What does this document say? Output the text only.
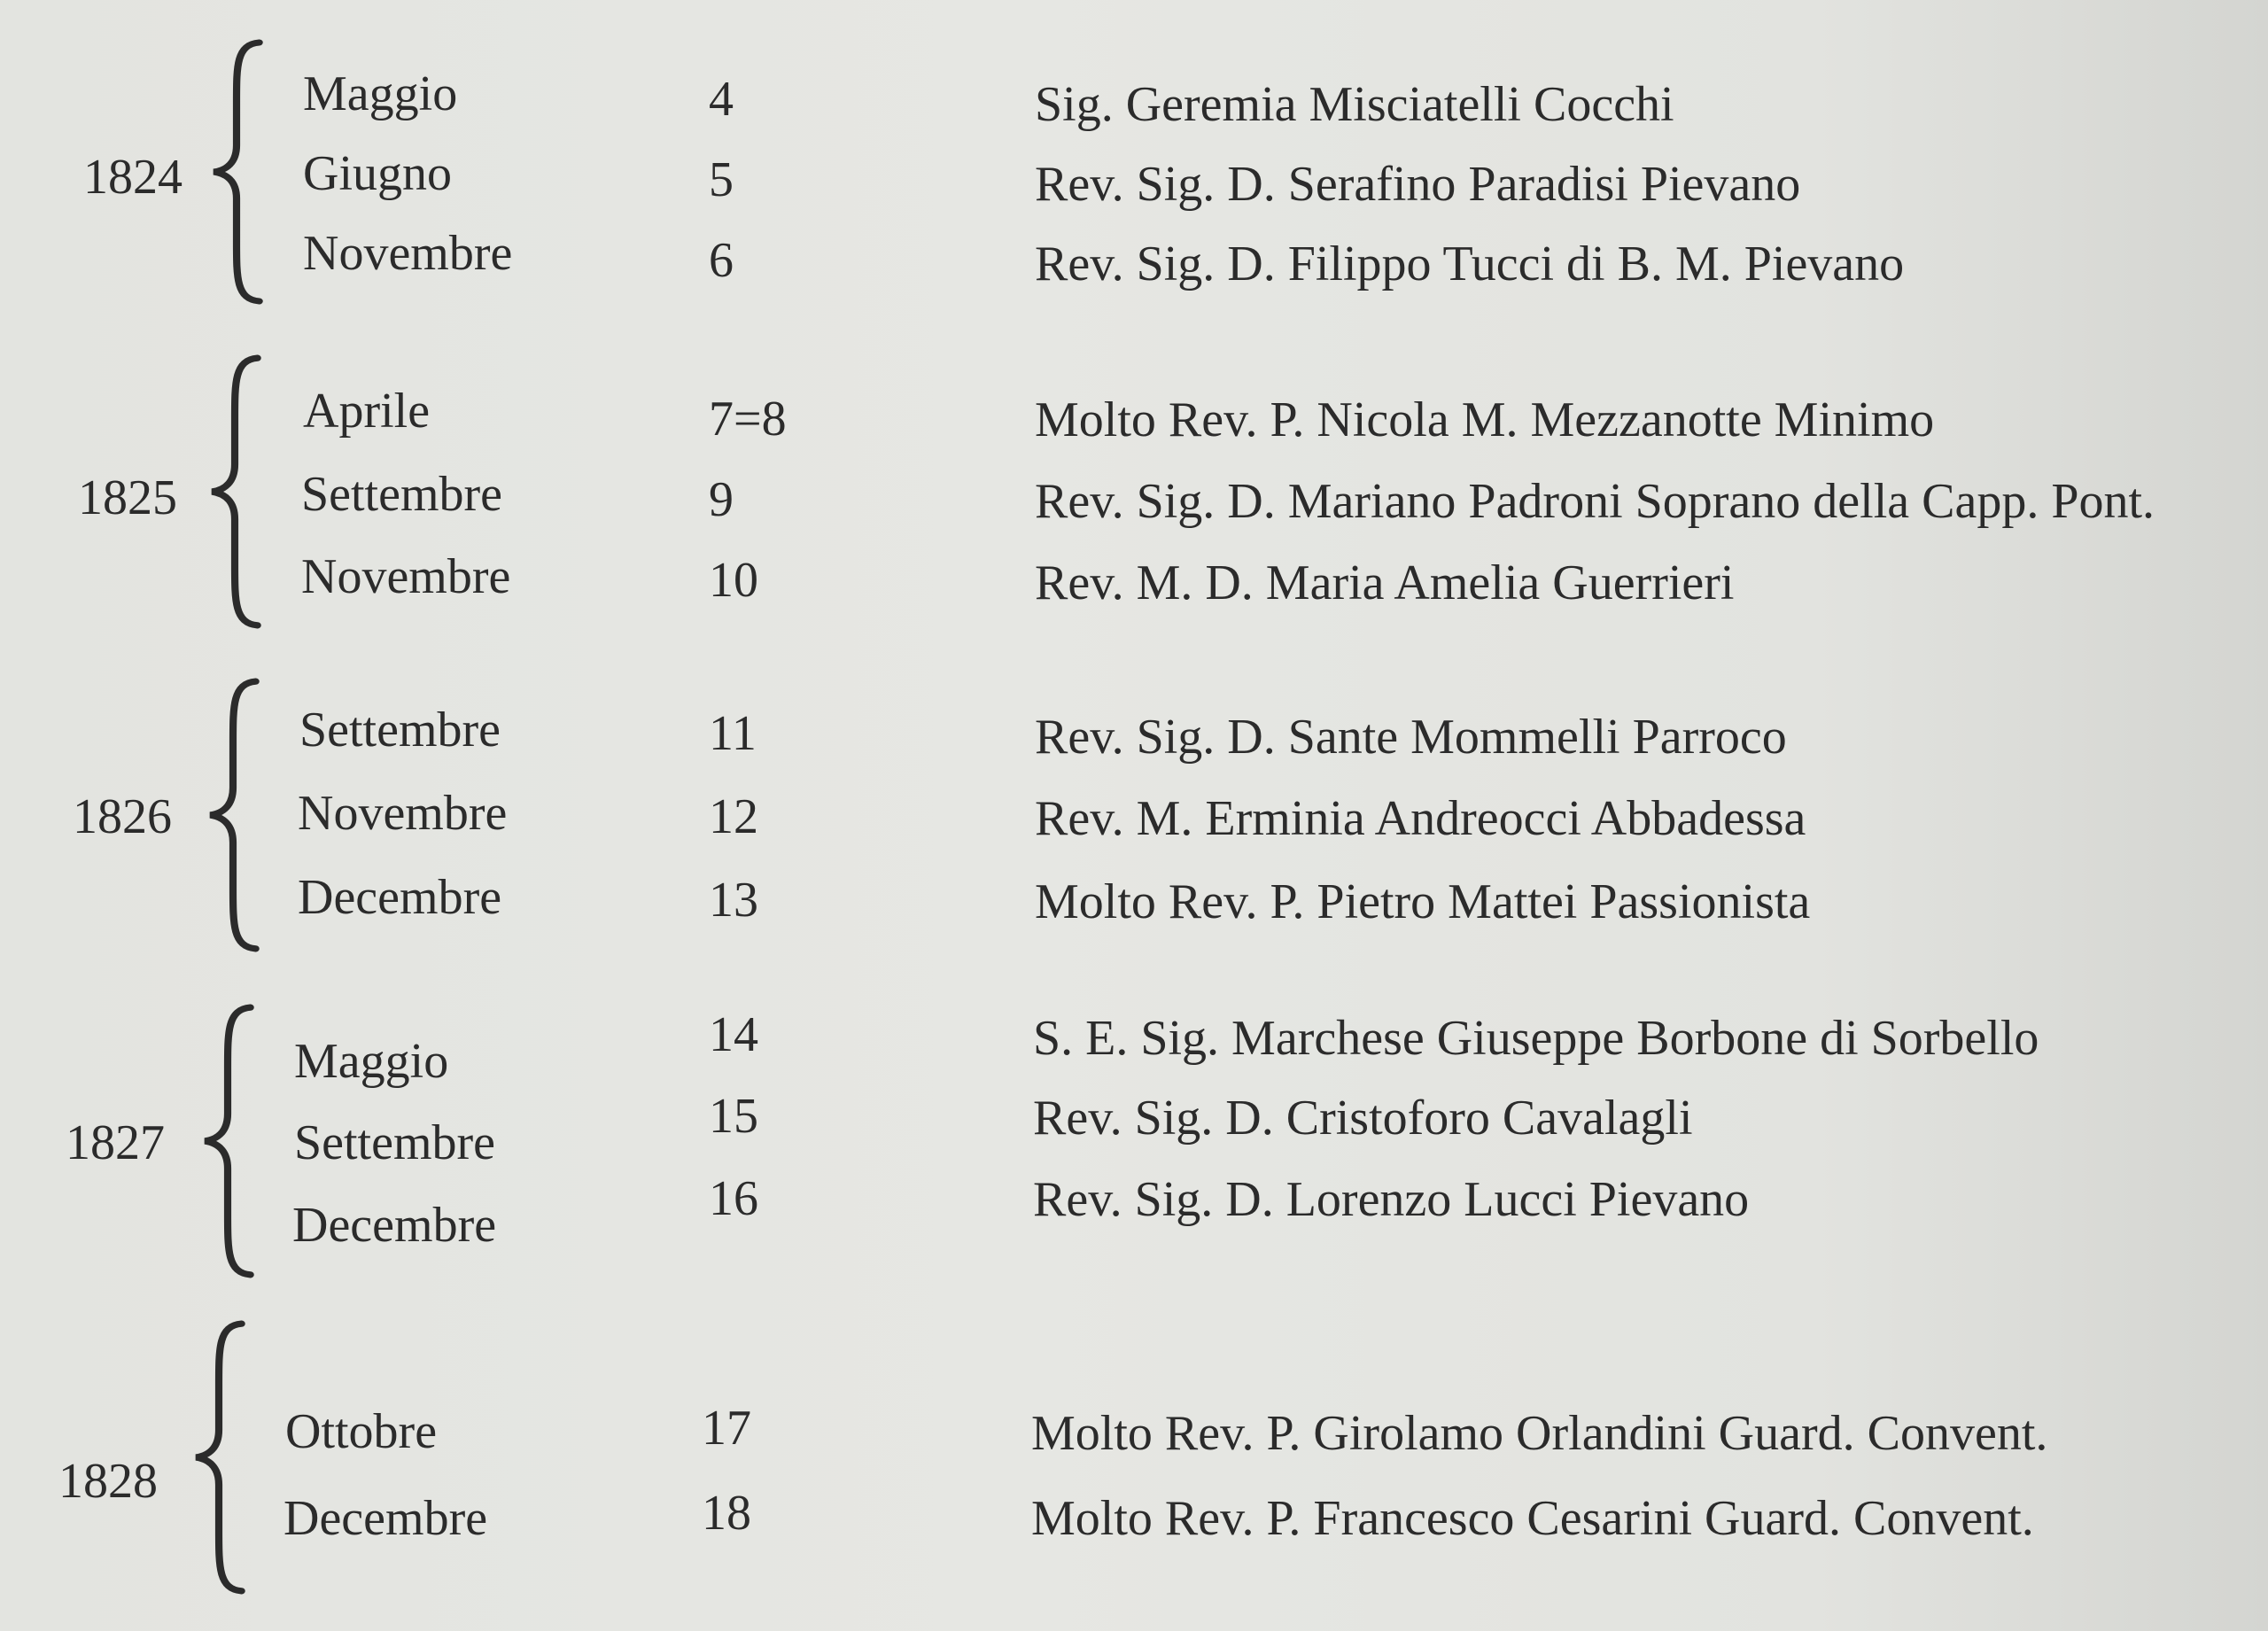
1824
Maggio
Giugno
Novembre
4
5
6
Sig. Geremia Misciatelli Cocchi
Rev. Sig. D. Serafino Paradisi Pievano
Rev. Sig. D. Filippo Tucci di B. M. Pievano
1825
Aprile
Settembre
Novembre
7=8
9
10
Molto Rev. P. Nicola M. Mezzanotte Minimo
Rev. Sig. D. Mariano Padroni Soprano della Capp. Pont.
Rev. M. D. Maria Amelia Guerrieri
1826
Settembre
Novembre
Decembre
11
12
13
Rev. Sig. D. Sante Mommelli Parroco
Rev. M. Erminia Andreocci Abbadessa
Molto Rev. P. Pietro Mattei Passionista
1827
Maggio
Settembre
Decembre
14
15
16
S. E. Sig. Marchese Giuseppe Borbone di Sorbello
Rev. Sig. D. Cristoforo Cavalagli
Rev. Sig. D. Lorenzo Lucci Pievano
1828
Ottobre
Decembre
17
18
Molto Rev. P. Girolamo Orlandini Guard. Convent.
Molto Rev. P. Francesco Cesarini Guard. Convent.
